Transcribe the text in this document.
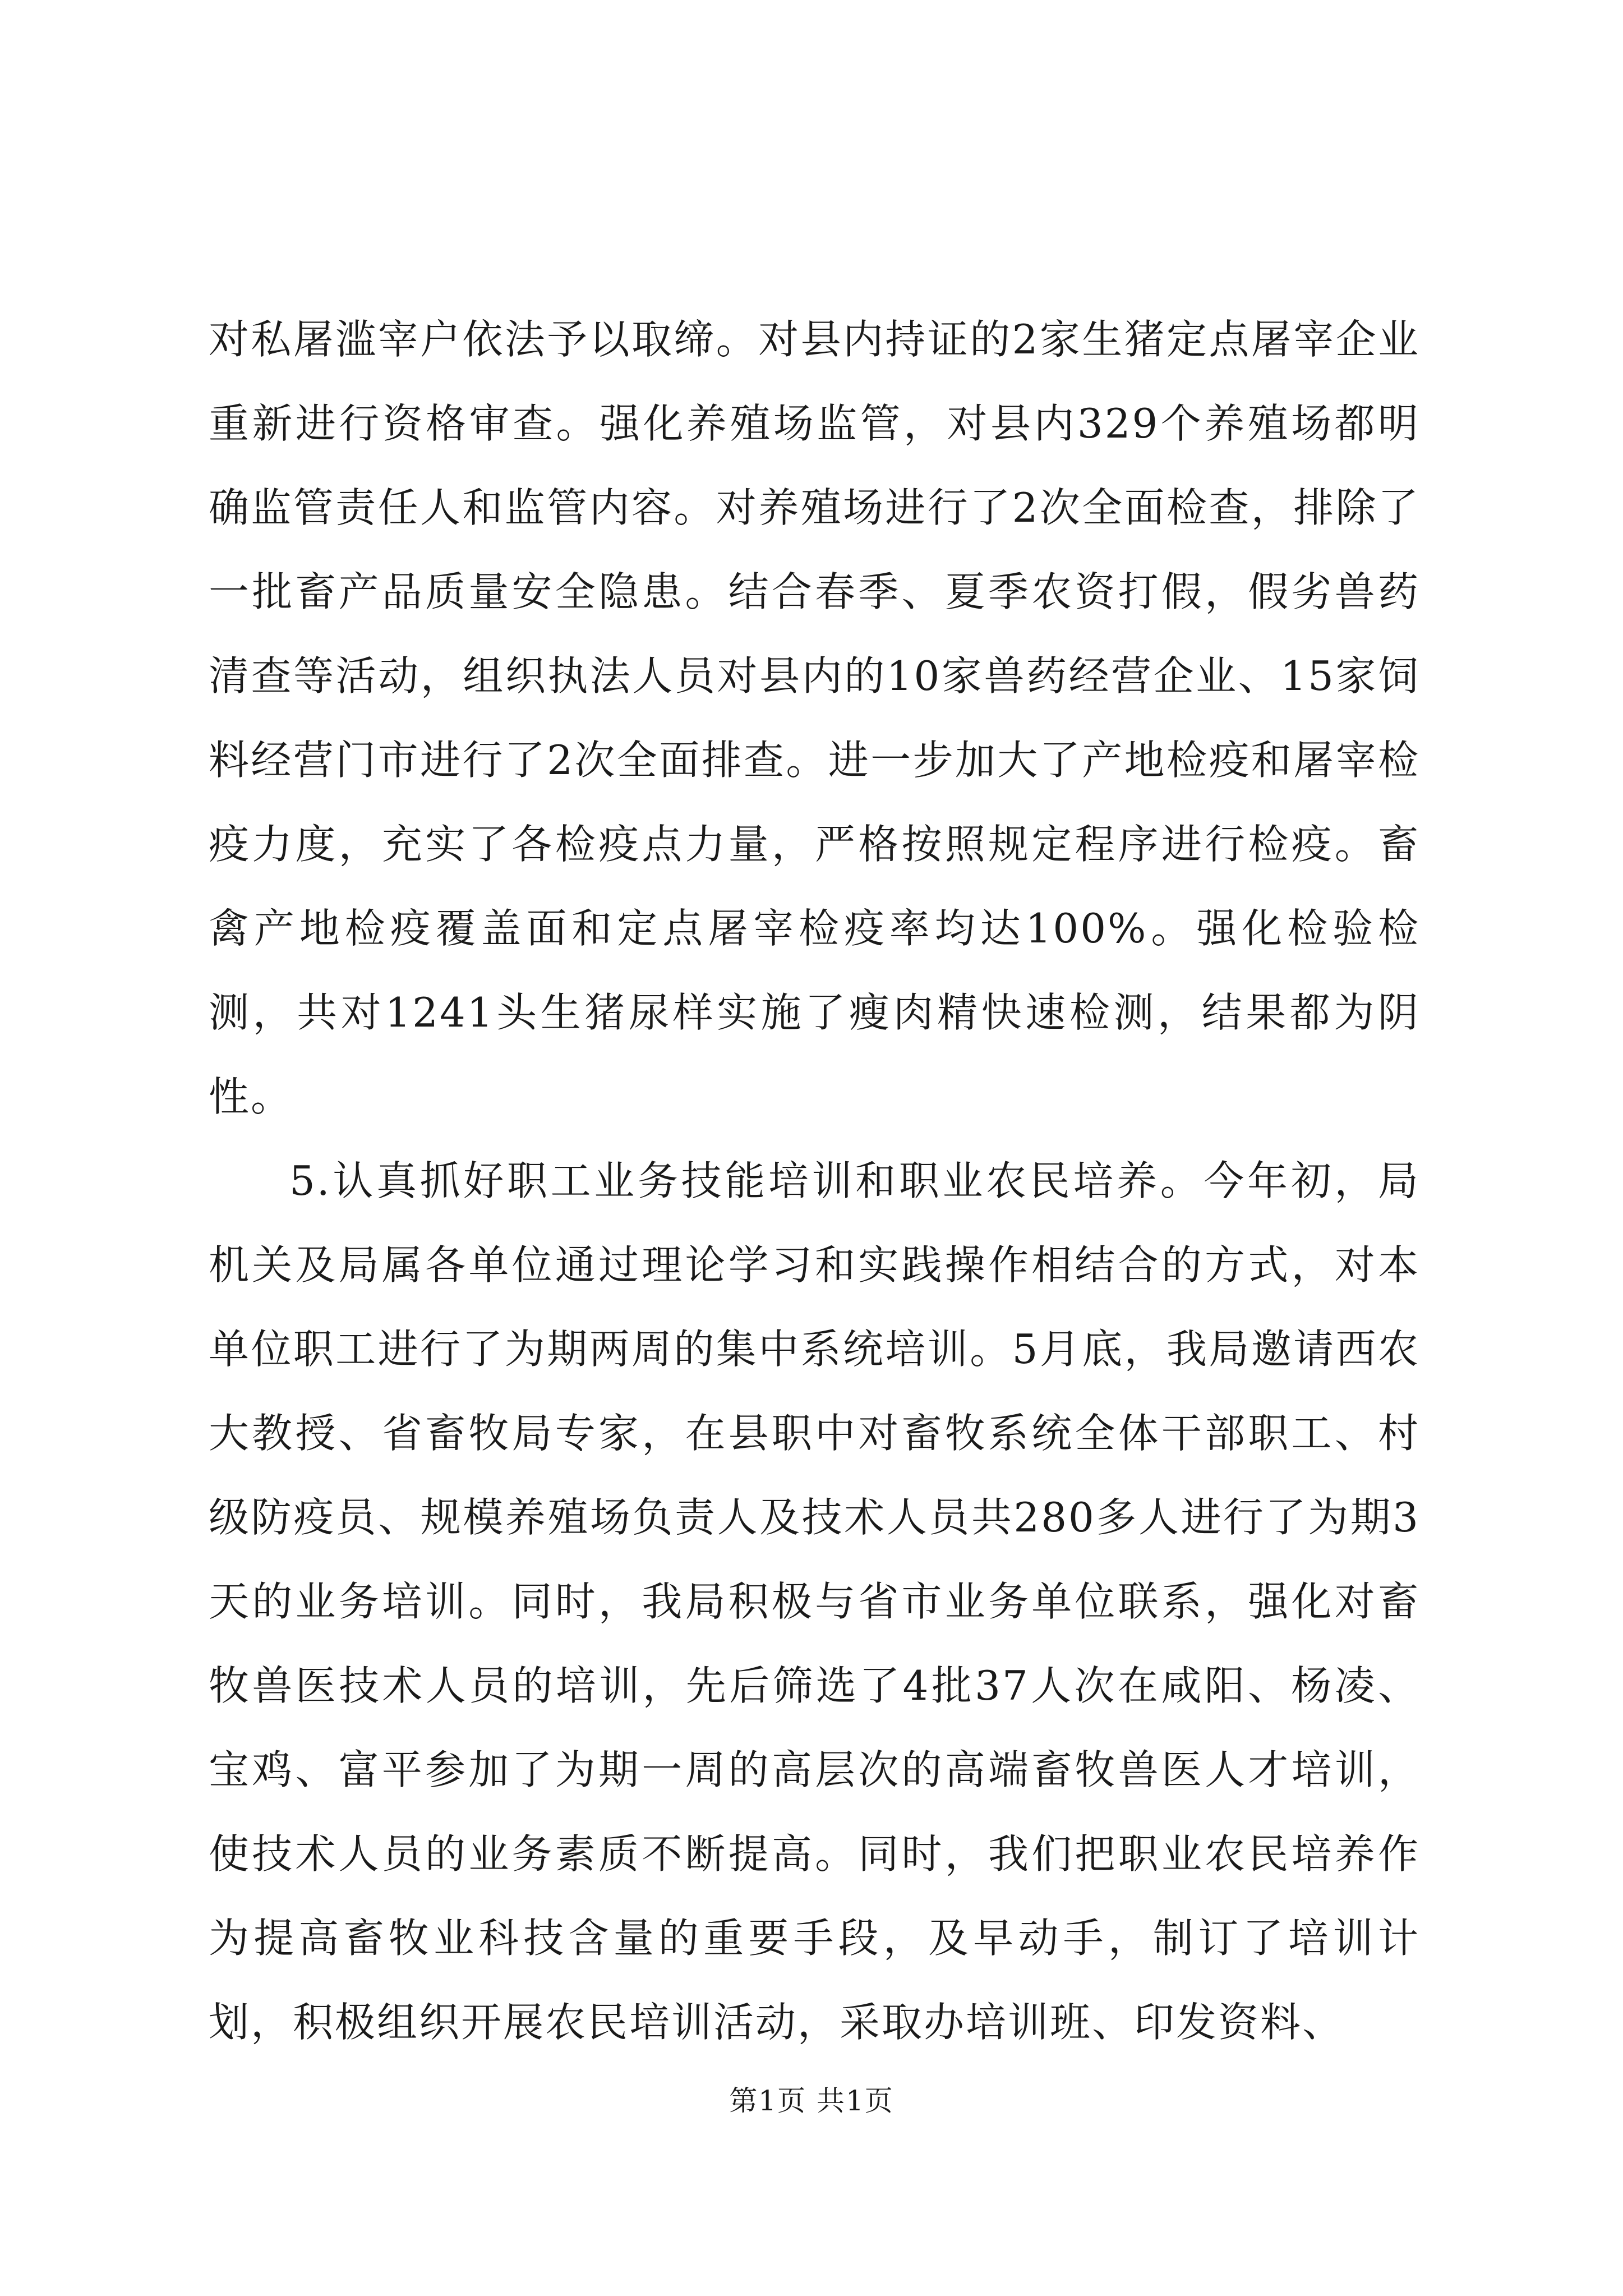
对私屠滥宰户依法予以取缔。对县内持证的2家生猪定点屠宰企业重新进行资格审查。强化养殖场监管，对县内329个养殖场都明确监管责任人和监管内容。对养殖场进行了2次全面检查，排除了一批畜产品质量安全隐患。结合春季、夏季农资打假，假劣兽药清查等活动，组织执法人员对县内的10家兽药经营企业、15家饲料经营门市进行了2次全面排查。进一步加大了产地检疫和屠宰检疫力度，充实了各检疫点力量，严格按照规定程序进行检疫。畜禽产地检疫覆盖面和定点屠宰检疫率均达100%。强化检验检测，共对1241头生猪尿样实施了瘦肉精快速检测，结果都为阴性。

5.认真抓好职工业务技能培训和职业农民培养。今年初，局机关及局属各单位通过理论学习和实践操作相结合的方式，对本单位职工进行了为期两周的集中系统培训。5月底，我局邀请西农大教授、省畜牧局专家，在县职中对畜牧系统全体干部职工、村级防疫员、规模养殖场负责人及技术人员共280多人进行了为期3天的业务培训。同时，我局积极与省市业务单位联系，强化对畜牧兽医技术人员的培训，先后筛选了4批37人次在咸阳、杨凌、宝鸡、富平参加了为期一周的高层次的高端畜牧兽医人才培训，使技术人员的业务素质不断提高。同时，我们把职业农民培养作为提高畜牧业科技含量的重要手段，及早动手，制订了培训计划，积极组织开展农民培训活动，采取办培训班、印发资料、

第1页 共1页
